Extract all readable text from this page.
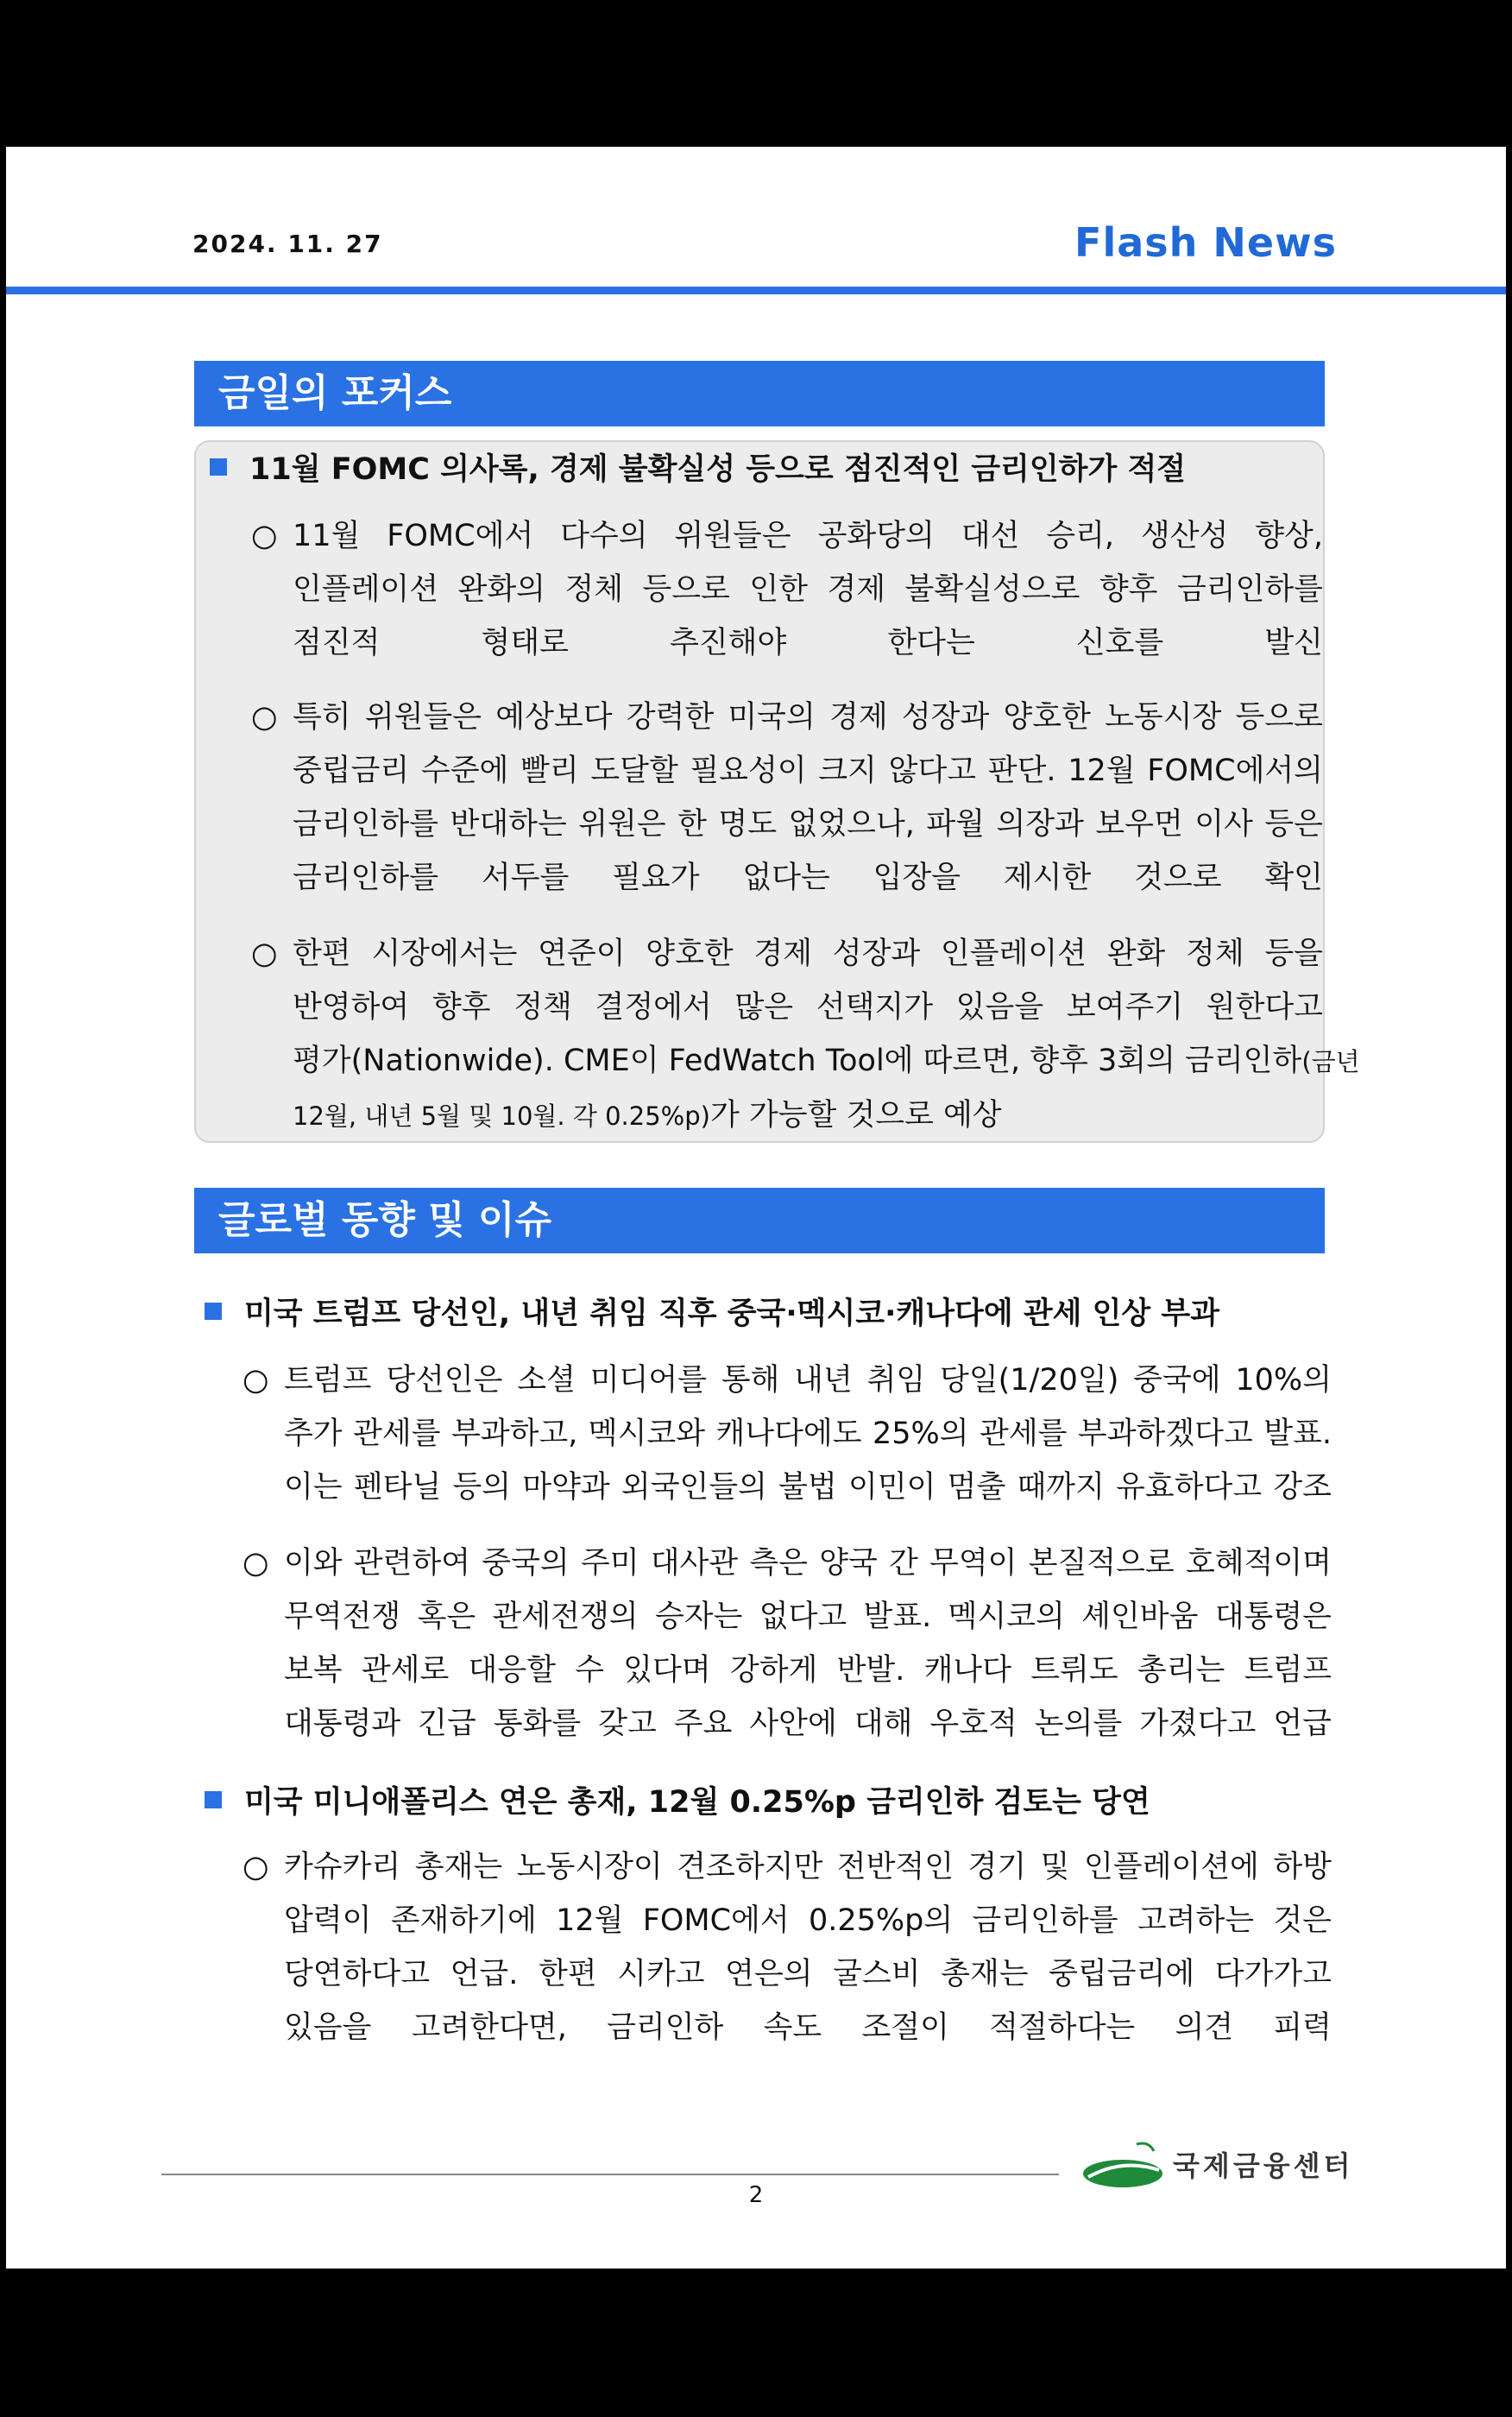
2024. 11. 27	Flash News
금일의 포커스
11월 FOMC 의사록, 경제 불확실성 등으로 점진적인 금리인하가 적절
○ 11월 FOMC에서 다수의 위원들은 공화당의 대선 승리, 생산성 향상,
인플레이션 완화의 정체 등으로 인한 경제 불확실성으로 향후 금리인하를
점진적 형태로 추진해야 한다는 신호를 발신
○ 특히 위원들은 예상보다 강력한 미국의 경제 성장과 양호한 노동시장 등으로
중립금리 수준에 빨리 도달할 필요성이 크지 않다고 판단. 12월 FOMC에서의
금리인하를 반대하는 위원은 한 명도 없었으나, 파월 의장과 보우먼 이사 등은
금리인하를 서두를 필요가 없다는 입장을 제시한 것으로 확인
○ 한편 시장에서는 연준이 양호한 경제 성장과 인플레이션 완화 정체 등을
반영하여 향후 정책 결정에서 많은 선택지가 있음을 보여주기 원한다고
평가(Nationwide). CME이 FedWatch Tool에 따르면, 향후 3회의 금리인하(금년
12월, 내년 5월 및 10월. 각 0.25%p)가 가능할 것으로 예상
글로벌 동향 및 이슈
미국 트럼프 당선인, 내년 취임 직후 중국·멕시코·캐나다에 관세 인상 부과
○ 트럼프 당선인은 소셜 미디어를 통해 내년 취임 당일(1/20일) 중국에 10%의
추가 관세를 부과하고, 멕시코와 캐나다에도 25%의 관세를 부과하겠다고 발표.
이는 펜타닐 등의 마약과 외국인들의 불법 이민이 멈출 때까지 유효하다고 강조
○ 이와 관련하여 중국의 주미 대사관 측은 양국 간 무역이 본질적으로 호혜적이며
무역전쟁 혹은 관세전쟁의 승자는 없다고 발표. 멕시코의 셰인바움 대통령은
보복 관세로 대응할 수 있다며 강하게 반발. 캐나다 트뤼도 총리는 트럼프
대통령과 긴급 통화를 갖고 주요 사안에 대해 우호적 논의를 가졌다고 언급
미국 미니애폴리스 연은 총재, 12월 0.25%p 금리인하 검토는 당연
○ 카슈카리 총재는 노동시장이 견조하지만 전반적인 경기 및 인플레이션에 하방
압력이 존재하기에 12월 FOMC에서 0.25%p의 금리인하를 고려하는 것은
당연하다고 언급. 한편 시카고 연은의 굴스비 총재는 중립금리에 다가가고
있음을 고려한다면, 금리인하 속도 조절이 적절하다는 의견 피력
2
국제금융센터
